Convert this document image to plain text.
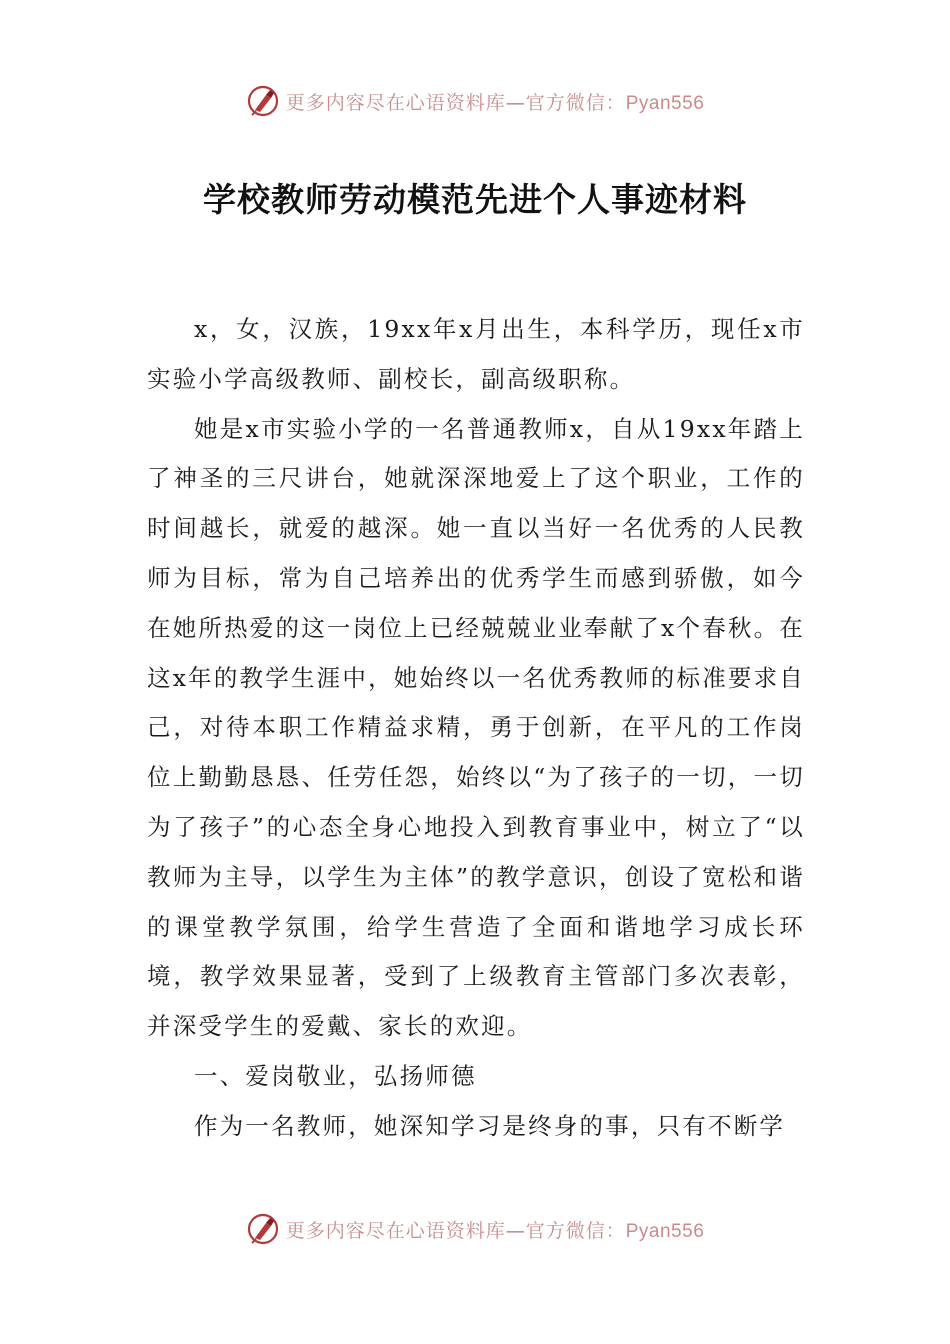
更多内容尽在心语资料库—官方微信：Pyan556
学校教师劳动模范先进个人事迹材料

x，女，汉族，19xx年x月出生，本科学历，现任x市实验小学高级教师、副校长，副高级职称。

她是x市实验小学的一名普通教师x，自从19xx年踏上了神圣的三尺讲台，她就深深地爱上了这个职业，工作的时间越长，就爱的越深。她一直以当好一名优秀的人民教师为目标，常为自己培养出的优秀学生而感到骄傲，如今在她所热爱的这一岗位上已经兢兢业业奉献了x个春秋。在这x年的教学生涯中，她始终以一名优秀教师的标准要求自己，对待本职工作精益求精，勇于创新，在平凡的工作岗位上勤勤恳恳、任劳任怨，始终以“为了孩子的一切，一切为了孩子”的心态全身心地投入到教育事业中，树立了“以教师为主导，以学生为主体”的教学意识，创设了宽松和谐的课堂教学氛围，给学生营造了全面和谐地学习成长环境，教学效果显著，受到了上级教育主管部门多次表彰，并深受学生的爱戴、家长的欢迎。

一、爱岗敬业，弘扬师德

作为一名教师，她深知学习是终身的事，只有不断学

更多内容尽在心语资料库—官方微信：Pyan556
